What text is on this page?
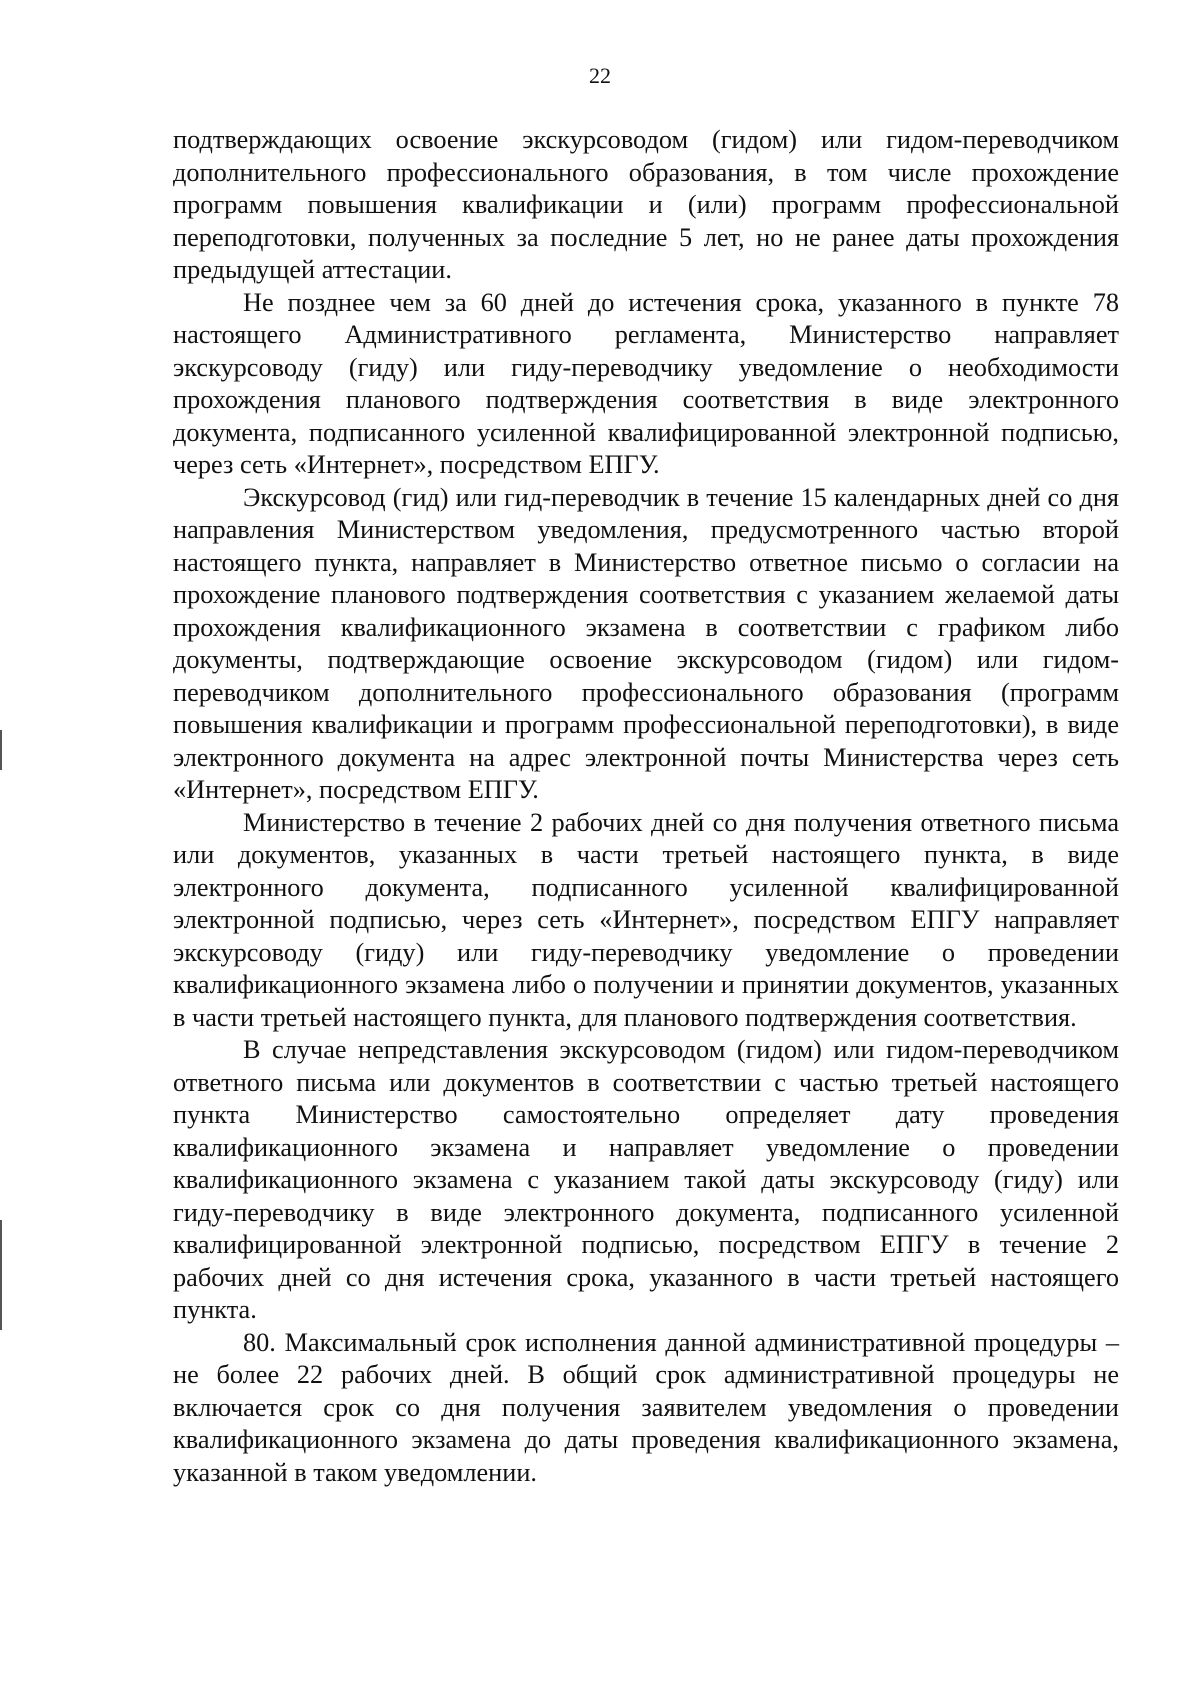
22

подтверждающих освоение экскурсоводом (гидом) или гидом-переводчиком дополнительного профессионального образования, в том числе прохождение программ повышения квалификации и (или) программ профессиональной переподготовки, полученных за последние 5 лет, но не ранее даты прохождения предыдущей аттестации.

Не позднее чем за 60 дней до истечения срока, указанного в пункте 78 настоящего Административного регламента, Министерство направляет экскурсоводу (гиду) или гиду-переводчику уведомление о необходимости прохождения планового подтверждения соответствия в виде электронного документа, подписанного усиленной квалифицированной электронной подписью, через сеть «Интернет», посредством ЕПГУ.

Экскурсовод (гид) или гид-переводчик в течение 15 календарных дней со дня направления Министерством уведомления, предусмотренного частью второй настоящего пункта, направляет в Министерство ответное письмо о согласии на прохождение планового подтверждения соответствия с указанием желаемой даты прохождения квалификационного экзамена в соответствии с графиком либо документы, подтверждающие освоение экскурсоводом (гидом) или гидом-переводчиком дополнительного профессионального образования (программ повышения квалификации и программ профессиональной переподготовки), в виде электронного документа на адрес электронной почты Министерства через сеть «Интернет», посредством ЕПГУ.

Министерство в течение 2 рабочих дней со дня получения ответного письма или документов, указанных в части третьей настоящего пункта, в виде электронного документа, подписанного усиленной квалифицированной электронной подписью, через сеть «Интернет», посредством ЕПГУ направляет экскурсоводу (гиду) или гиду-переводчику уведомление о проведении квалификационного экзамена либо о получении и принятии документов, указанных в части третьей настоящего пункта, для планового подтверждения соответствия.

В случае непредставления экскурсоводом (гидом) или гидом-переводчиком ответного письма или документов в соответствии с частью третьей настоящего пункта Министерство самостоятельно определяет дату проведения квалификационного экзамена и направляет уведомление о проведении квалификационного экзамена с указанием такой даты экскурсоводу (гиду) или гиду-переводчику в виде электронного документа, подписанного усиленной квалифицированной электронной подписью, посредством ЕПГУ в течение 2 рабочих дней со дня истечения срока, указанного в части третьей настоящего пункта.

80. Максимальный срок исполнения данной административной процедуры – не более 22 рабочих дней. В общий срок административной процедуры не включается срок со дня получения заявителем уведомления о проведении квалификационного экзамена до даты проведения квалификационного экзамена, указанной в таком уведомлении.
